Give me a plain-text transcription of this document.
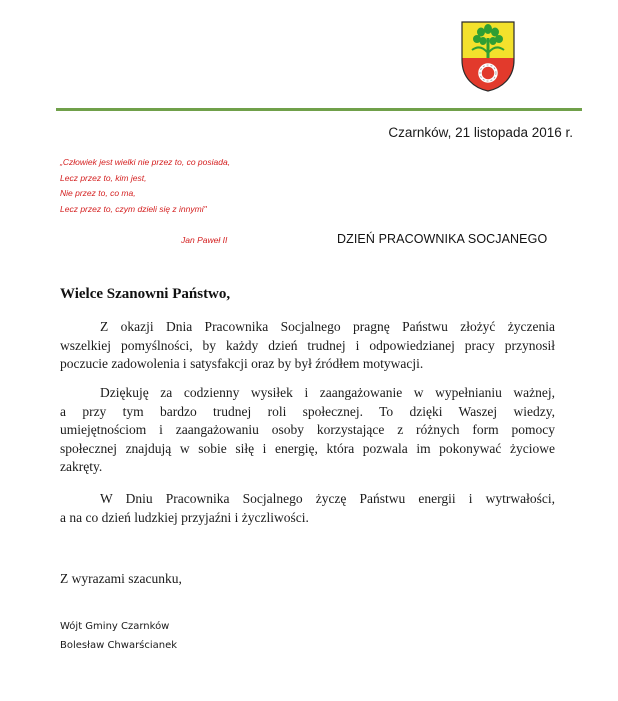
Czarnków, 21 listopada 2016 r.
„Człowiek jest wielki nie przez to, co posiada,
Lecz przez to, kim jest,
Nie przez to, co ma,
Lecz przez to, czym dzieli się z innymi"
Jan Paweł II	DZIEŃ PRACOWNIKA SOCJANEGO
Wielce Szanowni Państwo,
Z okazji Dnia Pracownika Socjalnego pragnę Państwu złożyć życzenia
wszelkiej pomyślności, by każdy dzień trudnej i odpowiedzianej pracy przynosił
poczucie zadowolenia i satysfakcji oraz by był źródłem motywacji.
Dziękuję za codzienny wysiłek i zaangażowanie w wypełnianiu ważnej,
a przy tym bardzo trudnej roli społecznej. To dzięki Waszej wiedzy,
umiejętnościom i zaangażowaniu osoby korzystające z różnych form pomocy
społecznej znajdują w sobie siłę i energię, która pozwala im pokonywać życiowe
zakręty.
W Dniu Pracownika Socjalnego życzę Państwu energii i wytrwałości,
a na co dzień ludzkiej przyjaźni i życzliwości.
Z wyrazami szacunku,
Wójt Gminy Czarnków
Bolesław Chwarścianek
